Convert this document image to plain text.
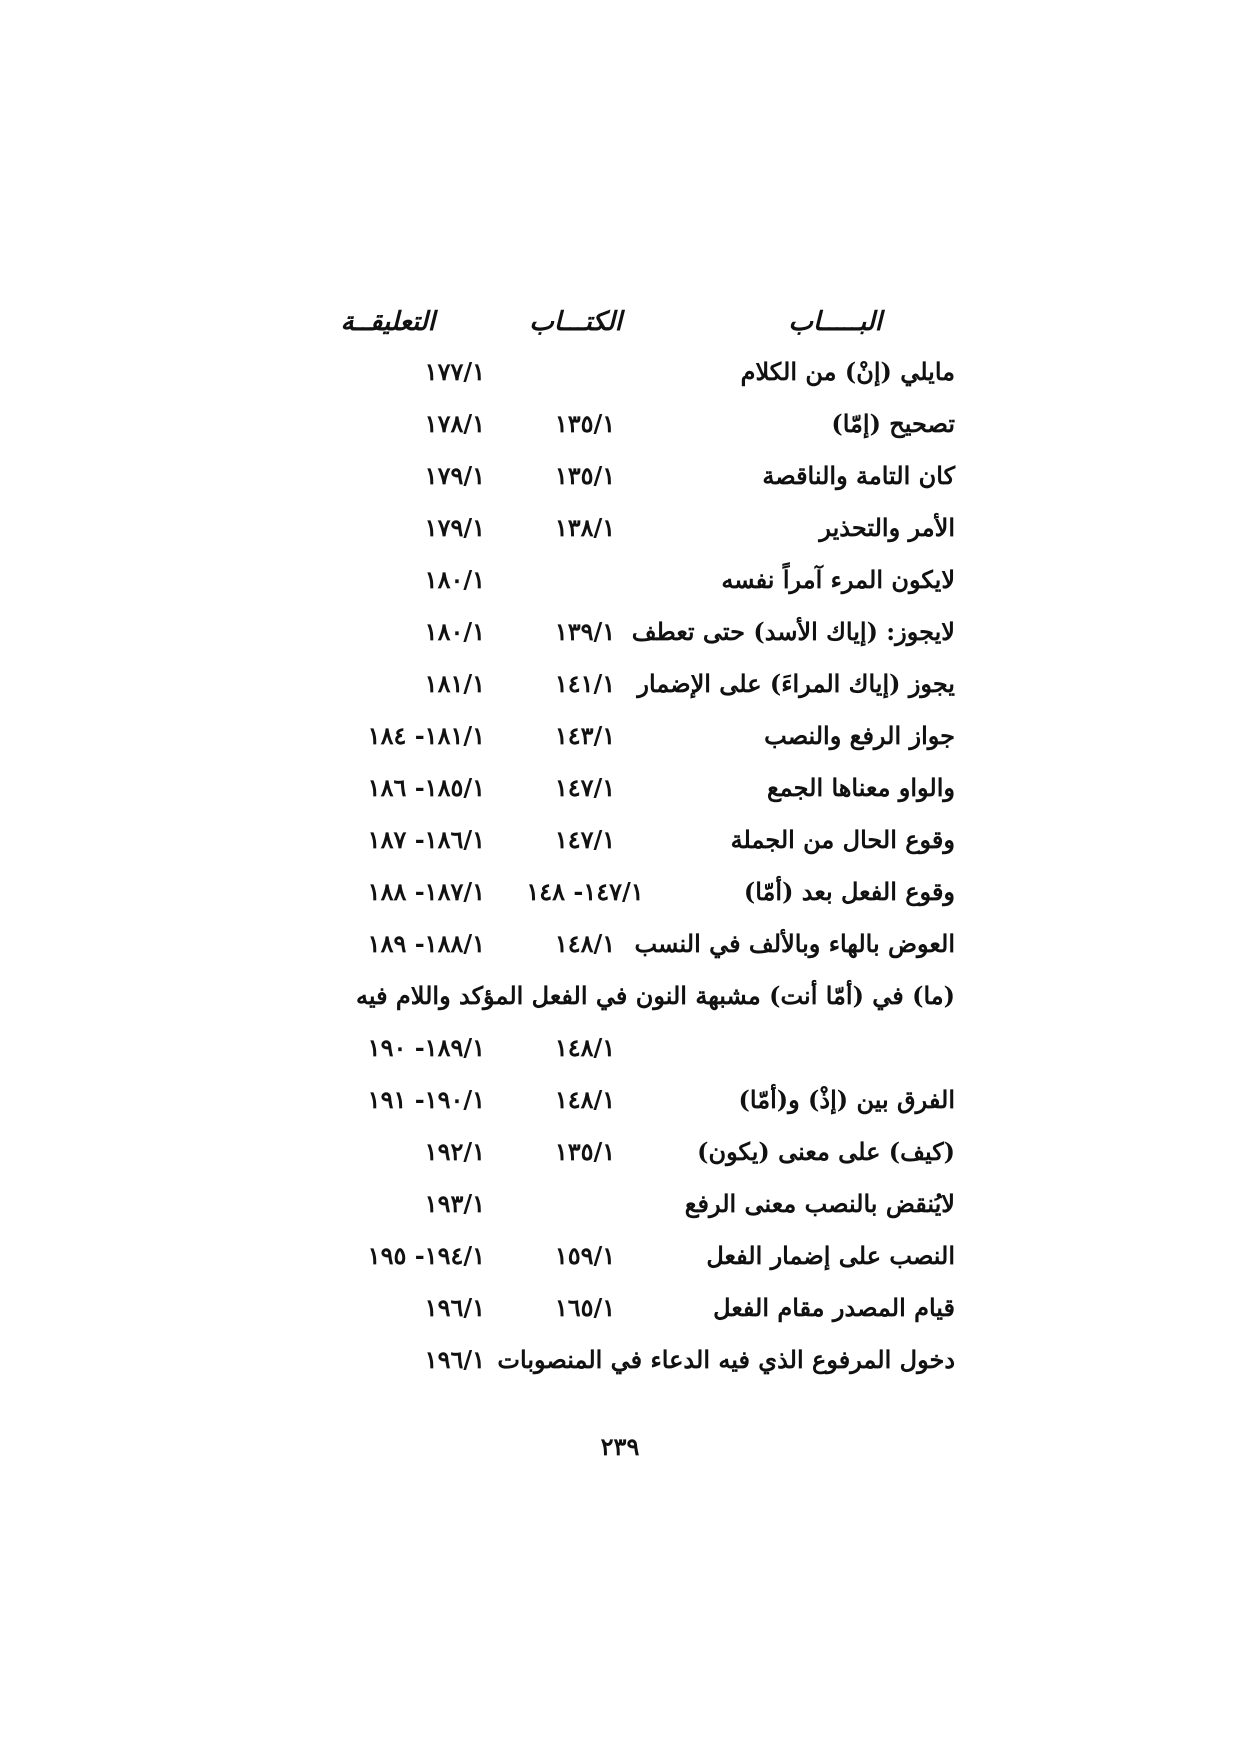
البـــــاب
الكتـــاب
التعليقــة
مايلي (إنْ) من الكلام
١٧٧/١
تصحيح (إمّا)
١٣٥/١
١٧٨/١
كان التامة والناقصة
١٣٥/١
١٧٩/١
الأمر والتحذير
١٣٨/١
١٧٩/١
لايكون المرء آمراً نفسه
١٨٠/١
لايجوز: (إياك الأسد) حتى تعطف
١٣٩/١
١٨٠/١
يجوز (إياك المراءَ) على الإضمار
١٤١/١
١٨١/١
جواز الرفع والنصب
١٤٣/١
١٨١/١- ١٨٤
والواو معناها الجمع
١٤٧/١
١٨٥/١- ١٨٦
وقوع الحال من الجملة
١٤٧/١
١٨٦/١- ١٨٧
وقوع الفعل بعد (أمّا)
١٤٧/١- ١٤٨
١٨٧/١- ١٨٨
العوض بالهاء وبالألف في النسب
١٤٨/١
١٨٨/١- ١٨٩
(ما) في (أمّا أنت) مشبهة النون في الفعل المؤكد واللام فيه
١٤٨/١
١٨٩/١- ١٩٠
الفرق بين (إذْ) و(أمّا)
١٤٨/١
١٩٠/١- ١٩١
(كيف) على معنى (يكون)
١٣٥/١
١٩٢/١
لايُنقض بالنصب معنى الرفع
١٩٣/١
النصب على إضمار الفعل
١٥٩/١
١٩٤/١- ١٩٥
قيام المصدر مقام الفعل
١٦٥/١
١٩٦/١
دخول المرفوع الذي فيه الدعاء في المنصوبات
١٩٦/١
٢٣٩
